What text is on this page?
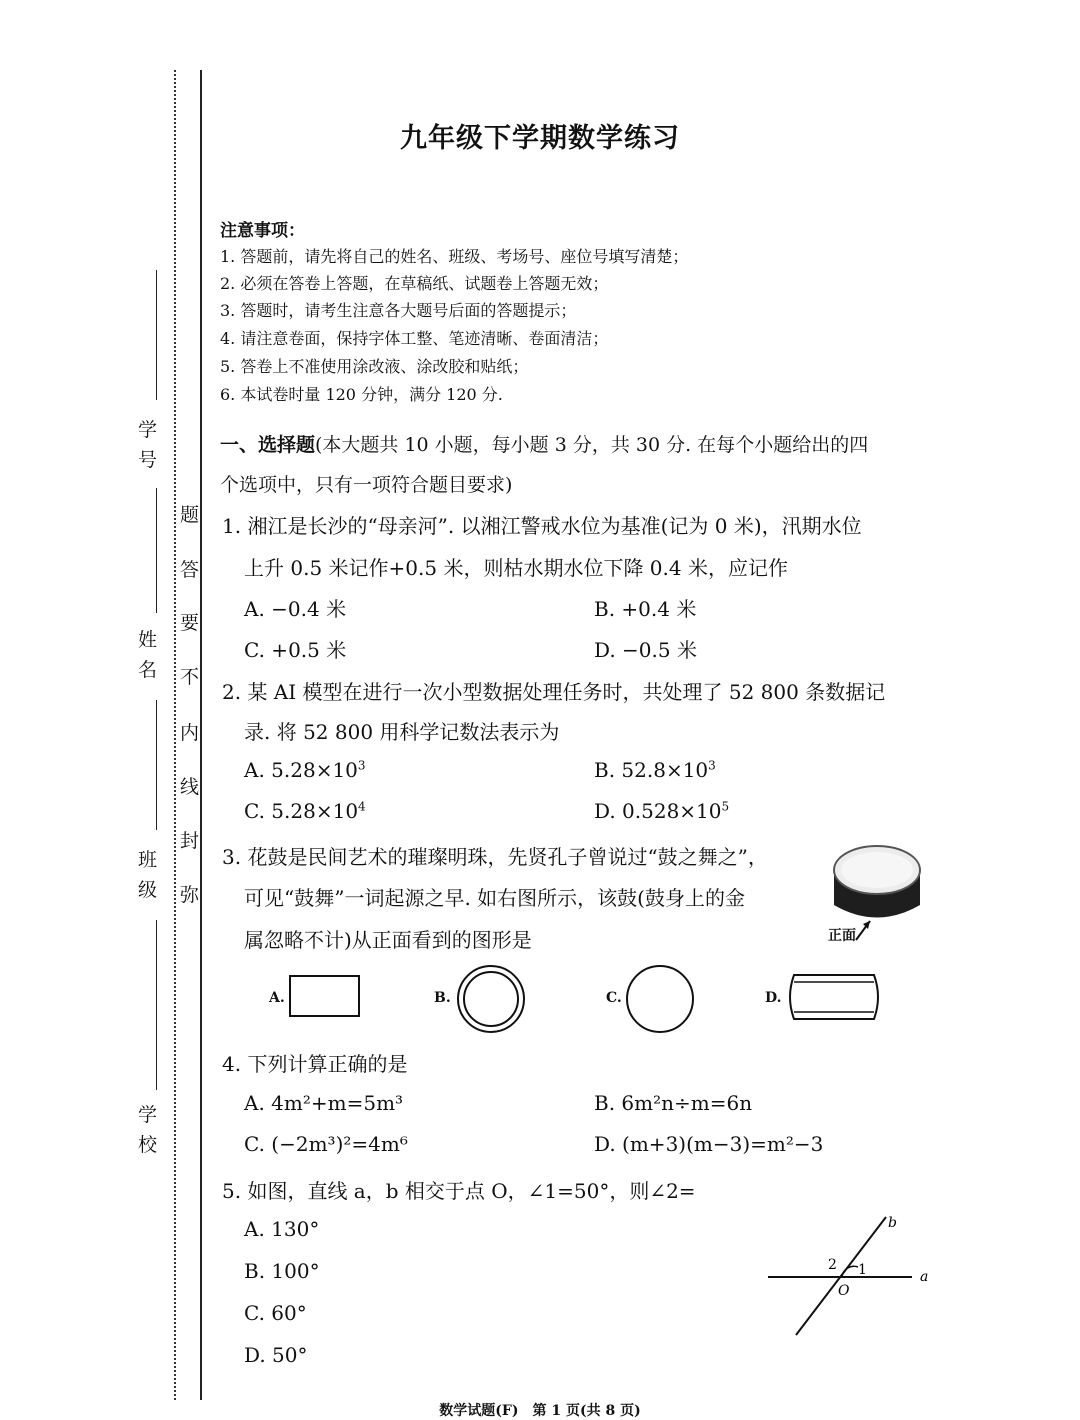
学号
姓名
班级
学校
题
答
要
不
内
线
封
弥
九年级下学期数学练习
注意事项：
1. 答题前，请先将自己的姓名、班级、考场号、座位号填写清楚；
2. 必须在答卷上答题，在草稿纸、试题卷上答题无效；
3. 答题时，请考生注意各大题号后面的答题提示；
4. 请注意卷面，保持字体工整、笔迹清晰、卷面清洁；
5. 答卷上不准使用涂改液、涂改胶和贴纸；
6. 本试卷时量 120 分钟，满分 120 分.
一、选择题(本大题共 10 小题，每小题 3 分，共 30 分. 在每个小题给出的四
个选项中，只有一项符合题目要求)
1. 湘江是长沙的“母亲河”. 以湘江警戒水位为基准(记为 0 米)，汛期水位
上升 0.5 米记作+0.5 米，则枯水期水位下降 0.4 米，应记作
A. −0.4 米	B. +0.4 米
C. +0.5 米	D. −0.5 米
2. 某 AI 模型在进行一次小型数据处理任务时，共处理了 52 800 条数据记
录. 将 52 800 用科学记数法表示为
A. $5.28\times 10^3$	B. $52.8\times 10^3$
C. $5.28\times 10^4$	D. $0.528\times 10^5$
3. 花鼓是民间艺术的璀璨明珠，先贤孔子曾说过“鼓之舞之”，
可见“鼓舞”一词起源之早. 如右图所示，该鼓(鼓身上的金
属忽略不计)从正面看到的图形是	正面
A.	B.	C.	D.
4. 下列计算正确的是
A. 4m²+m=5m³	B. 6m²n÷m=6n
C. (−2m³)²=4m⁶	D. (m+3)(m−3)=m²−3
5. 如图，直线 a，b 相交于点 O，∠1=50°，则∠2=
A. 130°
B. 100°
C. 60°
D. 50°
b
a
O
1
2
数学试题(F)　第 1 页(共 8 页)
